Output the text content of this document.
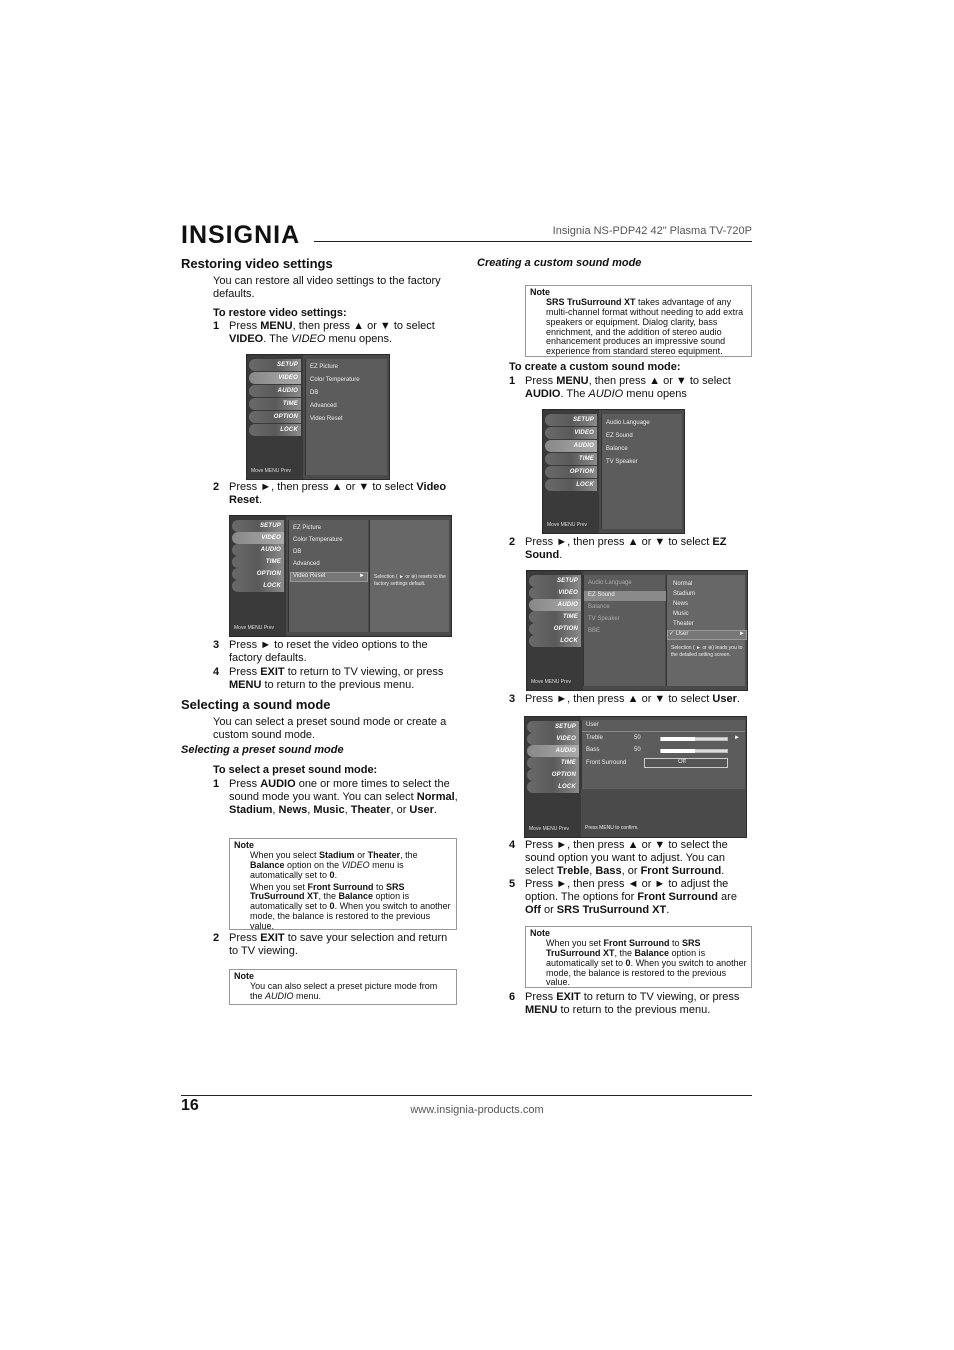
INSIGNIA	Insignia NS-PDP42 42" Plasma TV-720P
Restoring video settings
You can restore all video settings to the factory defaults.
To restore video settings:
1 Press MENU, then press ▲ or ▼ to select VIDEO. The VIDEO menu opens.
SETUP
VIDEO
AUDIO
TIME
OPTION
LOCK
Move MENU Prev
EZ Picture
Color Temperature
DB
Advanced
Video Reset
2 Press ►, then press ▲ or ▼ to select Video Reset.
SETUP
VIDEO
AUDIO
TIME
OPTION
LOCK
Move MENU Prev
EZ Picture
Color Temperature
DB
Advanced
Video Reset	► Selection ( ► or ⊛) resets to the factory settings default.
3 Press ► to reset the video options to the factory defaults.
4 Press EXIT to return to TV viewing, or press MENU to return to the previous menu.
Selecting a sound mode
You can select a preset sound mode or create a custom sound mode.
Selecting a preset sound mode
To select a preset sound mode:
1 Press AUDIO one or more times to select the sound mode you want. You can select Normal, Stadium, News, Music, Theater, or User.
Note
When you select Stadium or Theater, the Balance option on the VIDEO menu is automatically set to 0.
When you set Front Surround to SRS TruSurround XT, the Balance option is automatically set to 0. When you switch to another mode, the balance is restored to the previous value.
2 Press EXIT to save your selection and return to TV viewing.
Note
You can also select a preset picture mode from the AUDIO menu.
Creating a custom sound mode
Note
SRS TruSurround XT takes advantage of any multi-channel format without needing to add extra speakers or equipment. Dialog clarity, bass enrichment, and the addition of stereo audio enhancement produces an impressive sound experience from standard stereo equipment.
To create a custom sound mode:
1 Press MENU, then press ▲ or ▼ to select AUDIO. The AUDIO menu opens
SETUP
VIDEO
AUDIO
TIME
OPTION
LOCK
Move MENU Prev
Audio Language
EZ Sound
Balance
TV Speaker
2 Press ►, then press ▲ or ▼ to select EZ Sound.
SETUP
VIDEO
AUDIO
TIME
OPTION
LOCK
Move MENU Prev
Audio Language
EZ Sound
Balance
TV Speaker
BBE
Normal
Stadium
News
Music
Theater
✓ User	►
Selection ( ► or ⊛) leads you to the detailed setting screen.
3 Press ►, then press ▲ or ▼ to select User.
SETUP
VIDEO
AUDIO
TIME
OPTION
LOCK
Move MENU Prev
User
Treble	50	►
Bass	50
Front Surround	Off
Press MENU to confirm.
4 Press ►, then press ▲ or ▼ to select the sound option you want to adjust. You can select Treble, Bass, or Front Surround.
5 Press ►, then press ◄ or ► to adjust the option. The options for Front Surround are Off or SRS TruSurround XT.
Note
When you set Front Surround to SRS TruSurround XT, the Balance option is automatically set to 0. When you switch to another mode, the balance is restored to the previous value.
6 Press EXIT to return to TV viewing, or press MENU to return to the previous menu.
16	www.insignia-products.com
